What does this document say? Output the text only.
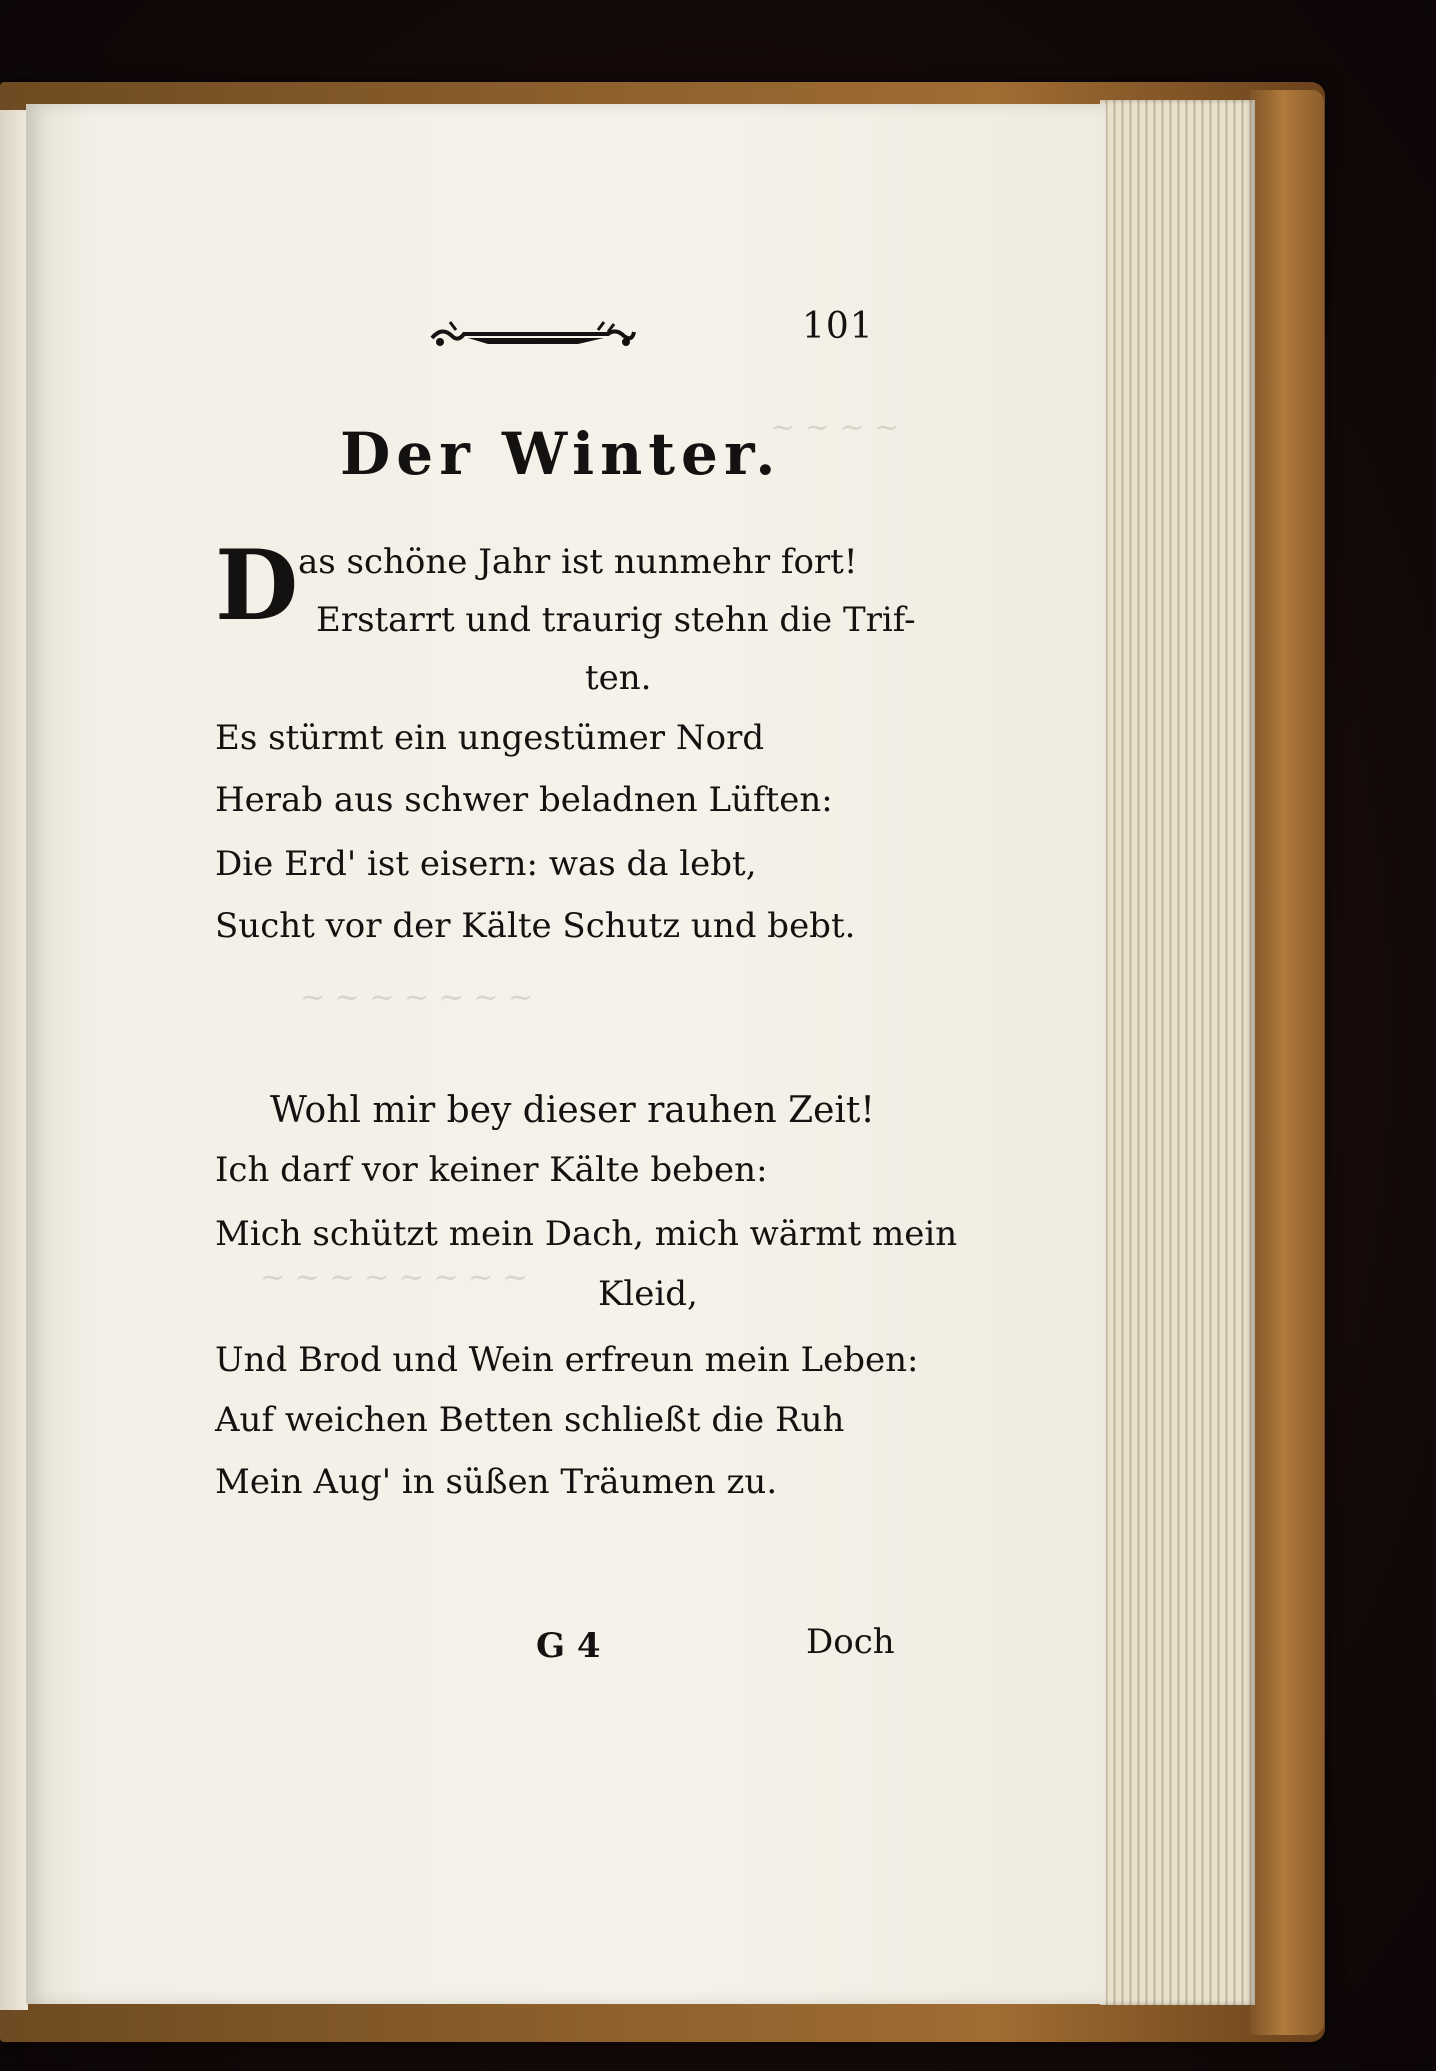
~ ~ ~ ~
~ ~ ~ ~ ~ ~ ~
~ ~ ~ ~ ~ ~ ~ ~
101
Der Winter.
D as schöne Jahr ist nunmehr fort!
Erstarrt und traurig stehn die Trif-
ten.
Es stürmt ein ungestümer Nord
Herab aus schwer beladnen Lüften:
Die Erd' ist eisern: was da lebt,
Sucht vor der Kälte Schutz und bebt.
Wohl mir bey dieser rauhen Zeit!
Ich darf vor keiner Kälte beben:
Mich schützt mein Dach, mich wärmt mein
Kleid,
Und Brod und Wein erfreun mein Leben:
Auf weichen Betten schließt die Ruh
Mein Aug' in süßen Träumen zu.
G 4	Doch
